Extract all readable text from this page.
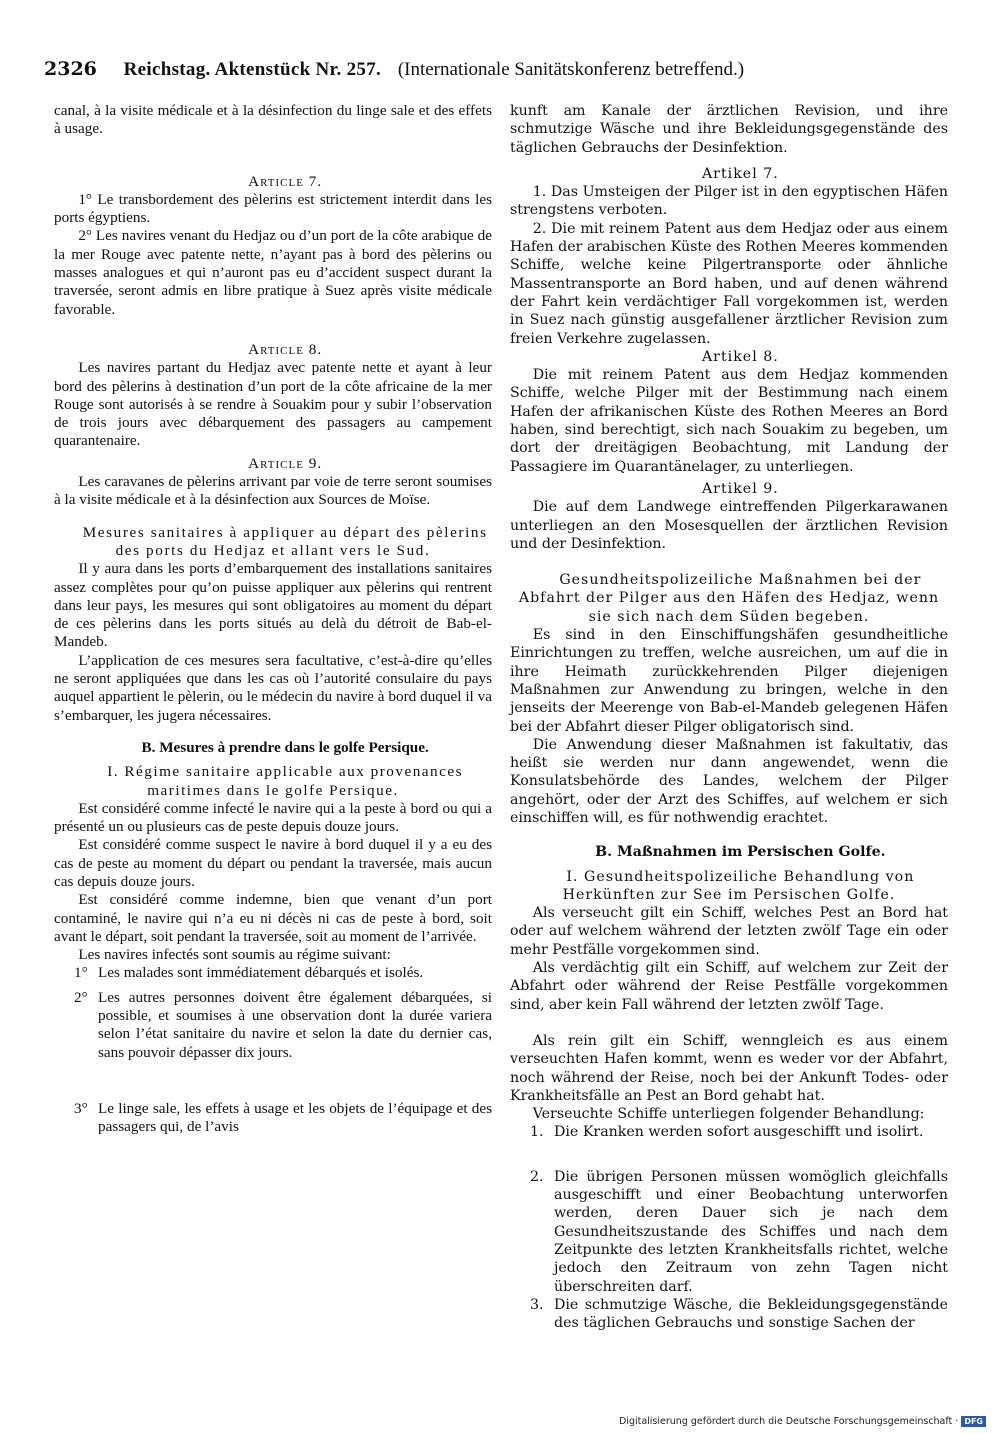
2326 Reichstag. Aktenstück Nr. 257. (Internationale Sanitätskonferenz betreffend.)

canal, à la visite médicale et à la désinfection du linge sale et des effets à usage.

Article 7.

1° Le transbordement des pèlerins est strictement interdit dans les ports égyptiens.

2° Les navires venant du Hedjaz ou d’un port de la côte arabique de la mer Rouge avec patente nette, n’ayant pas à bord des pèlerins ou masses analogues et qui n’auront pas eu d’accident suspect durant la traversée, seront admis en libre pratique à Suez après visite médicale favorable.

Article 8.

Les navires partant du Hedjaz avec patente nette et ayant à leur bord des pèlerins à destination d’un port de la côte africaine de la mer Rouge sont autorisés à se rendre à Souakim pour y subir l’observation de trois jours avec débarquement des passagers au campement quarantenaire.

Article 9.

Les caravanes de pèlerins arrivant par voie de terre seront soumises à la visite médicale et à la désinfection aux Sources de Moïse.

Mesures sanitaires à appliquer au départ des pèlerins des ports du Hedjaz et allant vers le Sud.

Il y aura dans les ports d’embarquement des installations sanitaires assez complètes pour qu’on puisse appliquer aux pèlerins qui rentrent dans leur pays, les mesures qui sont obligatoires au moment du départ de ces pèlerins dans les ports situés au delà du détroit de Bab-el-Mandeb.

L’application de ces mesures sera facultative, c’est-à-dire qu’elles ne seront appliquées que dans les cas où l’autorité consulaire du pays auquel appartient le pèlerin, ou le médecin du navire à bord duquel il va s’embarquer, les jugera nécessaires.

B. Mesures à prendre dans le golfe Persique.

I. Régime sanitaire applicable aux provenances maritimes dans le golfe Persique.

Est considéré comme infecté le navire qui a la peste à bord ou qui a présenté un ou plusieurs cas de peste depuis douze jours.

Est considéré comme suspect le navire à bord duquel il y a eu des cas de peste au moment du départ ou pendant la traversée, mais aucun cas depuis douze jours.

Est considéré comme indemne, bien que venant d’un port contaminé, le navire qui n’a eu ni décès ni cas de peste à bord, soit avant le départ, soit pendant la traversée, soit au moment de l’arrivée.

Les navires infectés sont soumis au régime suivant:

1° Les malades sont immédiatement débarqués et isolés.
2° Les autres personnes doivent être également débarquées, si possible, et soumises à une observation dont la durée variera selon l’état sanitaire du navire et selon la date du dernier cas, sans pouvoir dépasser dix jours.
3° Le linge sale, les effets à usage et les objets de l’équipage et des passagers qui, de l’avis

kunft am Kanale der ärztlichen Revision, und ihre schmutzige Wäsche und ihre Bekleidungsgegenstände des täglichen Gebrauchs der Desinfektion.

Artikel 7.

1. Das Umsteigen der Pilger ist in den egyptischen Häfen strengstens verboten.

2. Die mit reinem Patent aus dem Hedjaz oder aus einem Hafen der arabischen Küste des Rothen Meeres kommenden Schiffe, welche keine Pilgertransporte oder ähnliche Massentransporte an Bord haben, und auf denen während der Fahrt kein verdächtiger Fall vorgekommen ist, werden in Suez nach günstig ausgefallener ärztlicher Revision zum freien Verkehre zugelassen.

Artikel 8.

Die mit reinem Patent aus dem Hedjaz kommenden Schiffe, welche Pilger mit der Bestimmung nach einem Hafen der afrikanischen Küste des Rothen Meeres an Bord haben, sind berechtigt, sich nach Souakim zu begeben, um dort der dreitägigen Beobachtung, mit Landung der Passagiere im Quarantänelager, zu unterliegen.

Artikel 9.

Die auf dem Landwege eintreffenden Pilgerkarawanen unterliegen an den Mosesquellen der ärztlichen Revision und der Desinfektion.

Gesundheitspolizeiliche Maßnahmen bei der Abfahrt der Pilger aus den Häfen des Hedjaz, wenn sie sich nach dem Süden begeben.

Es sind in den Einschiffungshäfen gesundheitliche Einrichtungen zu treffen, welche ausreichen, um auf die in ihre Heimath zurückkehrenden Pilger diejenigen Maßnahmen zur Anwendung zu bringen, welche in den jenseits der Meerenge von Bab-el-Mandeb gelegenen Häfen bei der Abfahrt dieser Pilger obligatorisch sind.

Die Anwendung dieser Maßnahmen ist fakultativ, das heißt sie werden nur dann angewendet, wenn die Konsulatsbehörde des Landes, welchem der Pilger angehört, oder der Arzt des Schiffes, auf welchem er sich einschiffen will, es für nothwendig erachtet.

B. Maßnahmen im Persischen Golfe.

I. Gesundheitspolizeiliche Behandlung von Herkünften zur See im Persischen Golfe.

Als verseucht gilt ein Schiff, welches Pest an Bord hat oder auf welchem während der letzten zwölf Tage ein oder mehr Pestfälle vorgekommen sind.

Als verdächtig gilt ein Schiff, auf welchem zur Zeit der Abfahrt oder während der Reise Pestfälle vorgekommen sind, aber kein Fall während der letzten zwölf Tage.

Als rein gilt ein Schiff, wenngleich es aus einem verseuchten Hafen kommt, wenn es weder vor der Abfahrt, noch während der Reise, noch bei der Ankunft Todes- oder Krankheitsfälle an Pest an Bord gehabt hat.

Verseuchte Schiffe unterliegen folgender Behandlung:

1. Die Kranken werden sofort ausgeschifft und isolirt.
2. Die übrigen Personen müssen womöglich gleichfalls ausgeschifft und einer Beobachtung unterworfen werden, deren Dauer sich je nach dem Gesundheitszustande des Schiffes und nach dem Zeitpunkte des letzten Krankheitsfalls richtet, welche jedoch den Zeitraum von zehn Tagen nicht überschreiten darf.
3. Die schmutzige Wäsche, die Bekleidungsgegenstände des täglichen Gebrauchs und sonstige Sachen der
Digitalisierung gefördert durch die Deutsche Forschungsgemeinschaft · DFG
